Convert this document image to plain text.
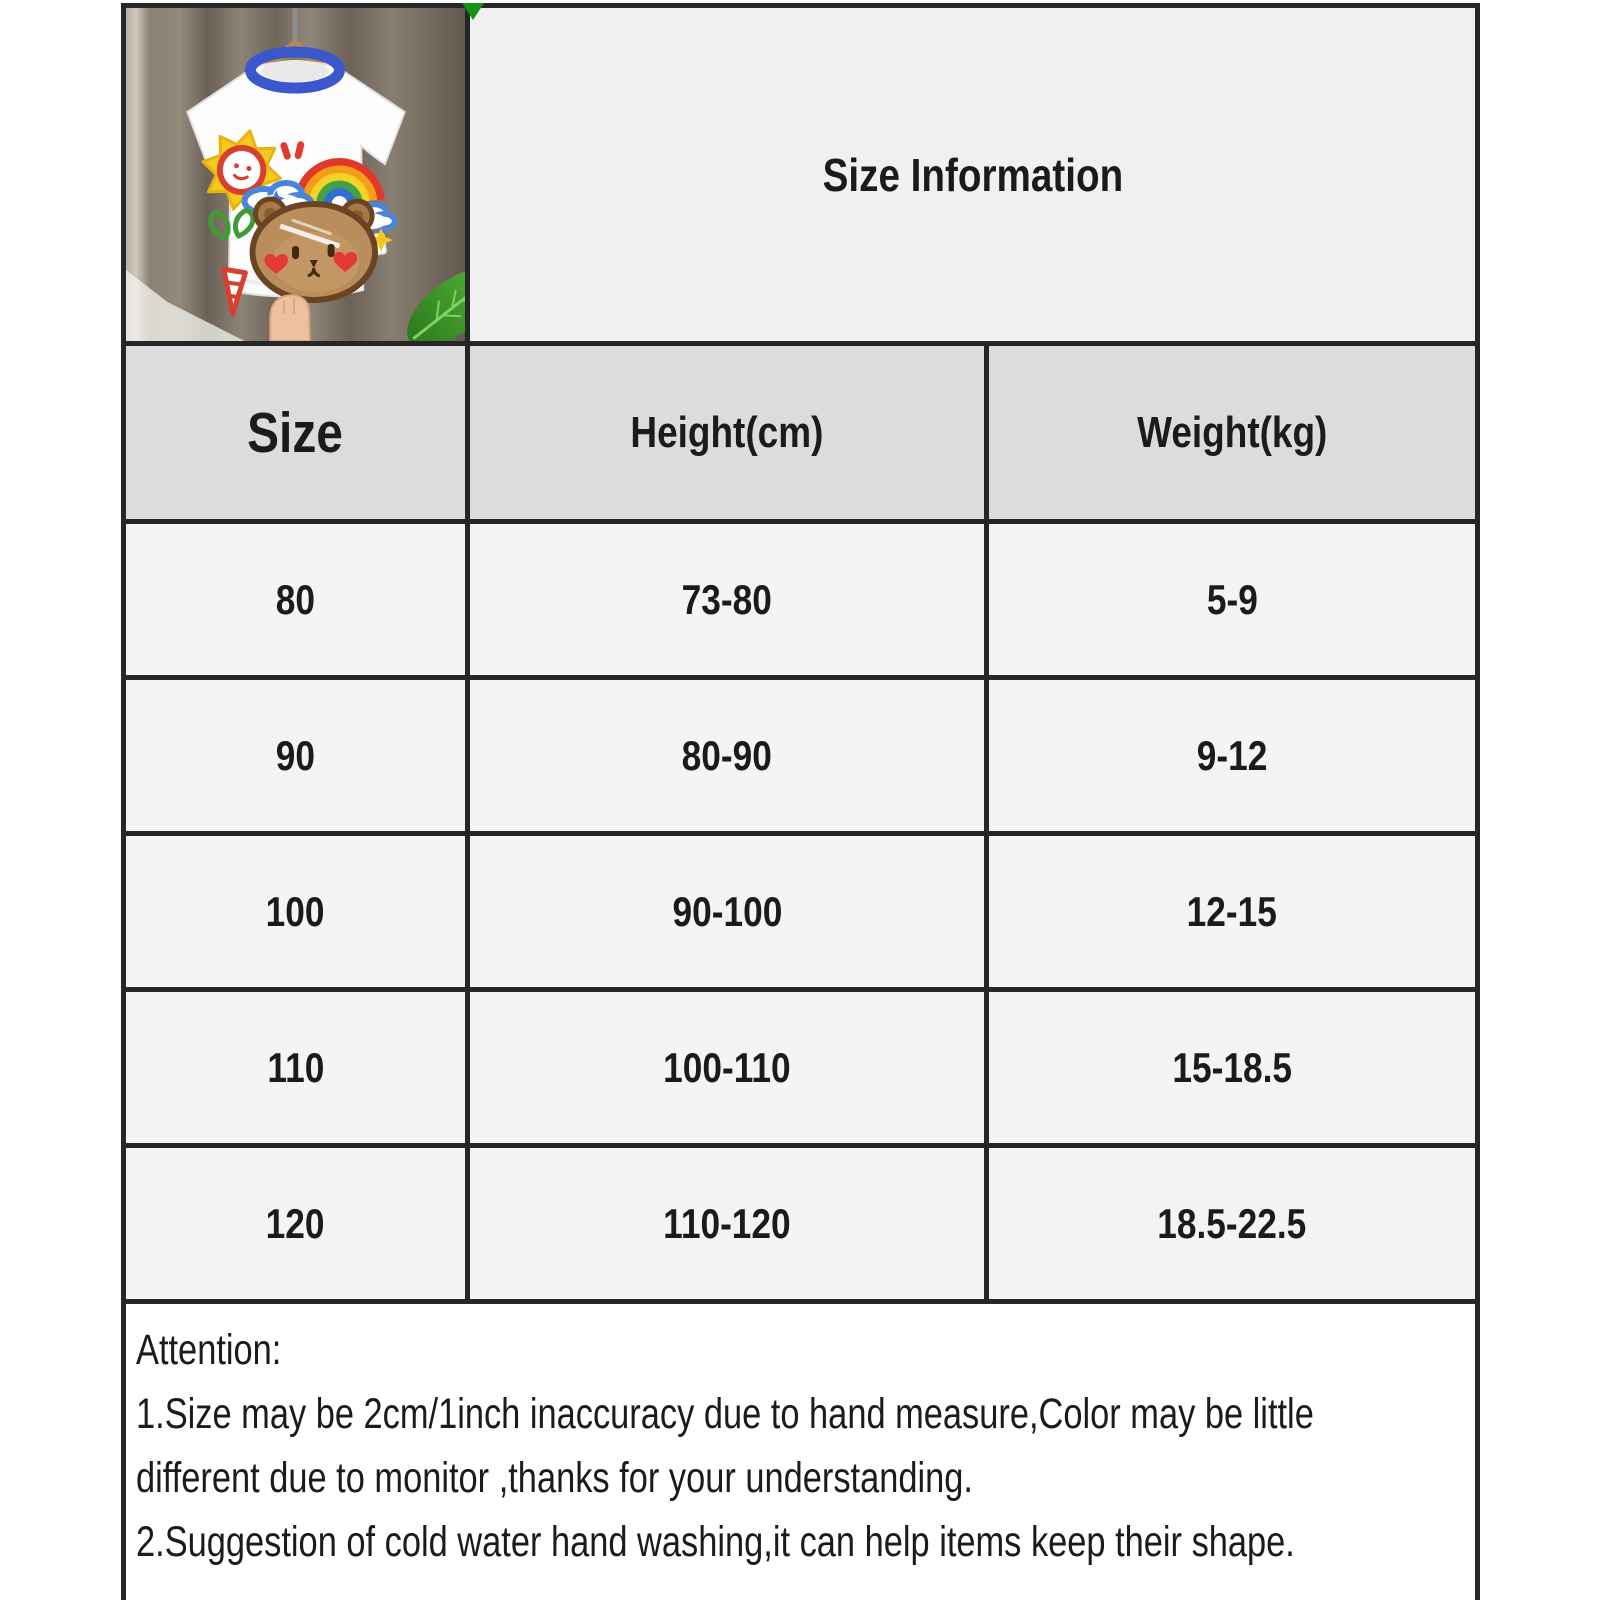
	Size Information	
Size	Height(cm)	Weight(kg)
80	73-80	5-9
90	80-90	9-12
100	90-100	12-15
110	100-110	15-18.5
120	110-120	18.5-22.5

Attention:
1.Size may be 2cm/1inch inaccuracy due to hand measure,Color may be little
different due to monitor ,thanks for your understanding.
2.Suggestion of cold water hand washing,it can help items keep their shape.		
